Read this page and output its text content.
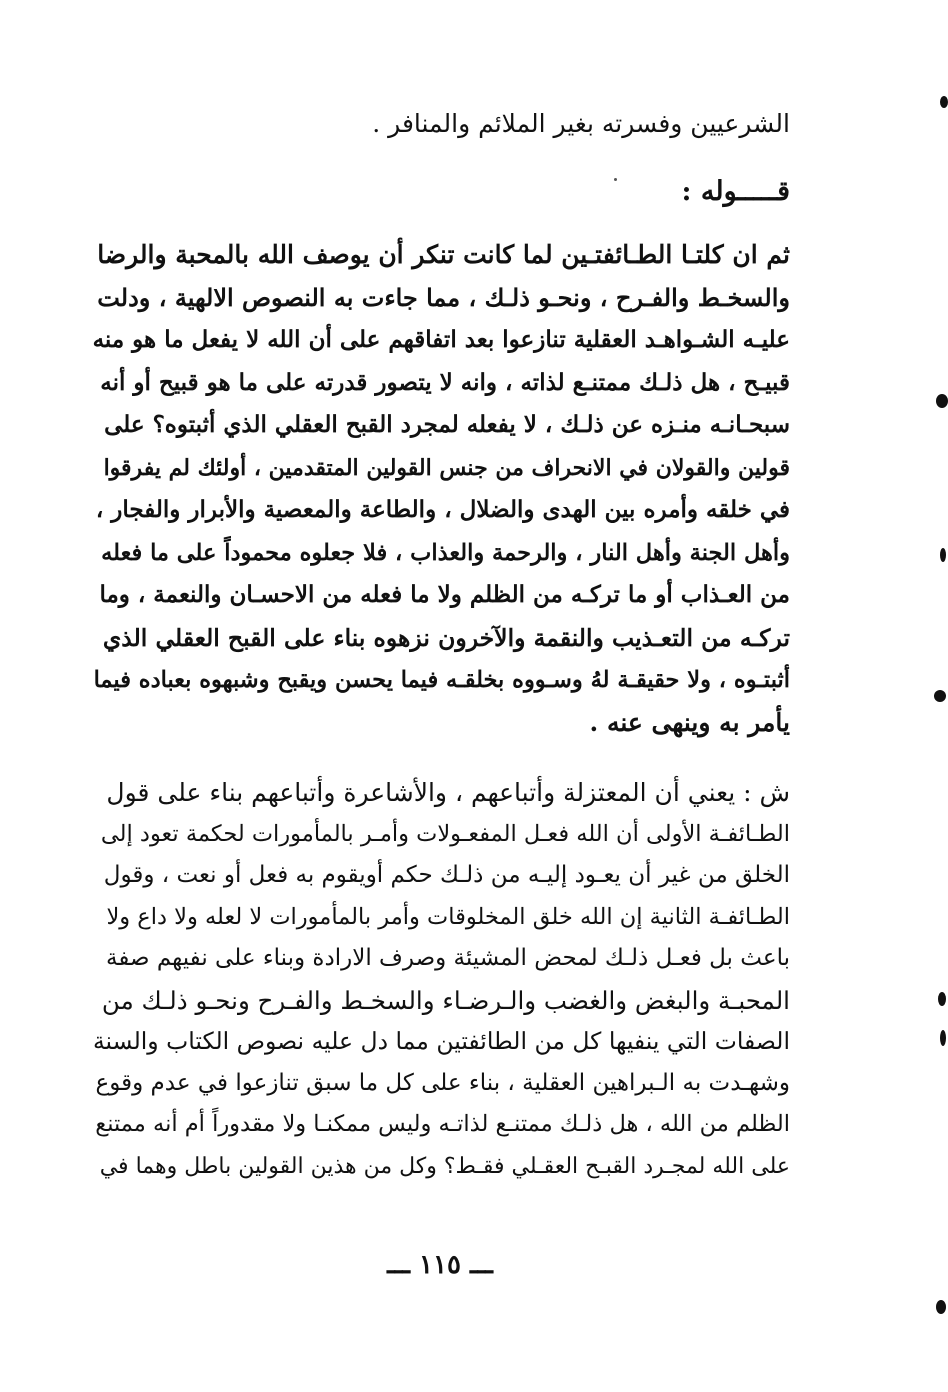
الشرعيين وفسرته بغير الملائم والمنافر .
قـــــوله :
ثم ان كلتـا الطـائفتـين لما كانت تنكر أن يوصف الله بالمحبة والرضا
والسخـط والفـرح ، ونحـو ذلـك ، مما جاءت به النصوص الالهية ، ودلت
عليـه الشـواهـد العقلية تنازعوا بعد اتفاقهم على أن الله لا يفعل ما هو منه
قبيـح ، هل ذلـك ممتنـع لذاته ، وانه لا يتصور قدرته على ما هو قبيح أو أنه
سبحـانـه منـزه عن ذلـك ، لا يفعله لمجرد القبح العقلي الذي أثبتوه؟ على
قولين والقولان في الانحراف من جنس القولين المتقدمين ، أولئك لم يفرقوا
في خلقه وأمره بين الهدى والضلال ، والطاعة والمعصية والأبرار والفجار ،
وأهل الجنة وأهل النار ، والرحمة والعذاب ، فلا جعلوه محموداً على ما فعله
من العـذاب أو ما تركـه من الظلم ولا ما فعله من الاحسـان والنعمة ، وما
تركـه من التعـذيب والنقمة والآخرون نزهوه بناء على القبح العقلي الذي
أثبتـوه ، ولا حقيقـة لهُ وسـووه بخلقـه فيما يحسن ويقبح وشبهوه بعباده فيما
يأمر به وينهى عنه .
ش : يعني أن المعتزلة وأتباعهم ، والأشاعرة وأتباعهم بناء على قول
الطـائفـة الأولى أن الله فعـل المفعـولات وأمـر بالمأمورات لحكمة تعود إلى
الخلق من غير أن يعـود إليـه من ذلـك حكم أويقوم به فعل أو نعت ، وقول
الطـائفـة الثانية إن الله خلق المخلوقات وأمر بالمأمورات لا لعله ولا داع ولا
باعث بل فعـل ذلـك لمحض المشيئة وصرف الارادة وبناء على نفيهم صفة
المحبـة والبغض والغضب والـرضـاء والسخـط والفـرح ونحـو ذلـك من
الصفات التي ينفيها كل من الطائفتين مما دل عليه نصوص الكتاب والسنة
وشهـدت به الـبراهين العقلية ، بناء على كل ما سبق تنازعوا في عدم وقوع
الظلم من الله ، هل ذلـك ممتنـع لذاتـه وليس ممكنـا ولا مقدوراً أم أنه ممتنع
على الله لمجـرد القبـح العقـلي فقـط؟ وكل من هذين القولين باطل وهما في
ـــ ١١٥ ـــ
